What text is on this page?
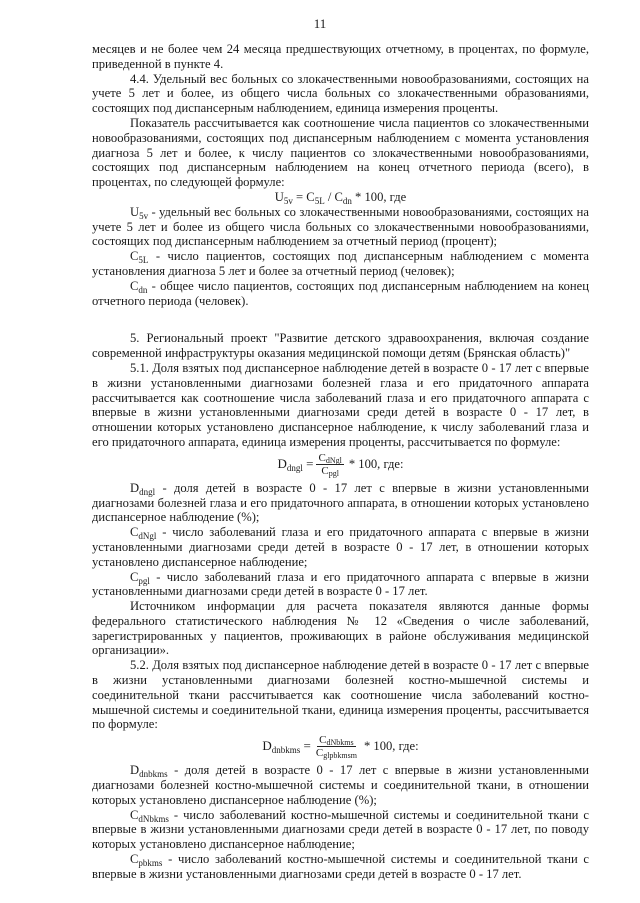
11

месяцев и не более чем 24 месяца предшествующих отчетному, в процентах, по формуле, приведенной в пункте 4.

4.4. Удельный вес больных со злокачественными новообразованиями, состоящих на учете 5 лет и более, из общего числа больных со злокачественными образованиями, состоящих под диспансерным наблюдением, единица измерения проценты.

Показатель рассчитывается как соотношение числа пациентов со злокачественными новообразованиями, состоящих под диспансерным наблюдением с момента установления диагноза 5 лет и более, к числу пациентов со злокачественными новообразованиями, состоящих под диспансерным наблюдением на конец отчетного периода (всего), в процентах, по следующей формуле:

$U_{5v} = C_{5L} / C_{dn} * 100$, где

$U_{5v}$ - удельный вес больных со злокачественными новообразованиями, состоящих на учете 5 лет и более из общего числа больных со злокачественными новообразованиями, состоящих под диспансерным наблюдением за отчетный период (процент);

$C_{5L}$ - число пациентов, состоящих под диспансерным наблюдением с момента установления диагноза 5 лет и более за отчетный период (человек);

$C_{dn}$ - общее число пациентов, состоящих под диспансерным наблюдением на конец отчетного периода (человек).

5. Региональный проект "Развитие детского здравоохранения, включая создание современной инфраструктуры оказания медицинской помощи детям (Брянская область)"

5.1. Доля взятых под диспансерное наблюдение детей в возрасте 0 - 17 лет с впервые в жизни установленными диагнозами болезней глаза и его придаточного аппарата рассчитывается как соотношение числа заболеваний глаза и его придаточного аппарата с впервые в жизни установленными диагнозами среди детей в возрасте 0 - 17 лет, в отношении которых установлено диспансерное наблюдение, к числу заболеваний глаза и его придаточного аппарата, единица измерения проценты, рассчитывается по формуле:

$D_{dngl} = \frac{C_{dNgl}}{C_{pgl}} * 100$, где:

$D_{dngl}$ - доля детей в возрасте 0 - 17 лет с впервые в жизни установленными диагнозами болезней глаза и его придаточного аппарата, в отношении которых установлено диспансерное наблюдение (%);

$C_{dNgl}$ - число заболеваний глаза и его придаточного аппарата с впервые в жизни установленными диагнозами среди детей в возрасте 0 - 17 лет, в отношении которых установлено диспансерное наблюдение;

$C_{pgl}$ - число заболеваний глаза и его придаточного аппарата с впервые в жизни установленными диагнозами среди детей в возрасте 0 - 17 лет.

Источником информации для расчета показателя являются данные формы федерального статистического наблюдения № 12 «Сведения о числе заболеваний, зарегистрированных у пациентов, проживающих в районе обслуживания медицинской организации».

5.2. Доля взятых под диспансерное наблюдение детей в возрасте 0 - 17 лет с впервые в жизни установленными диагнозами болезней костно-мышечной системы и соединительной ткани рассчитывается как соотношение числа заболеваний костно-мышечной системы и соединительной ткани, единица измерения проценты, рассчитывается по формуле:

$D_{dnbkms} = \frac{C_{dNbkms}}{C_{glpbkmsm}} * 100$, где:

$D_{dnbkms}$ - доля детей в возрасте 0 - 17 лет с впервые в жизни установленными диагнозами болезней костно-мышечной системы и соединительной ткани, в отношении которых установлено диспансерное наблюдение (%);

$C_{dNbkms}$ - число заболеваний костно-мышечной системы и соединительной ткани с впервые в жизни установленными диагнозами среди детей в возрасте 0 - 17 лет, по поводу которых установлено диспансерное наблюдение;

$C_{pbkms}$ - число заболеваний костно-мышечной системы и соединительной ткани с впервые в жизни установленными диагнозами среди детей в возрасте 0 - 17 лет.
